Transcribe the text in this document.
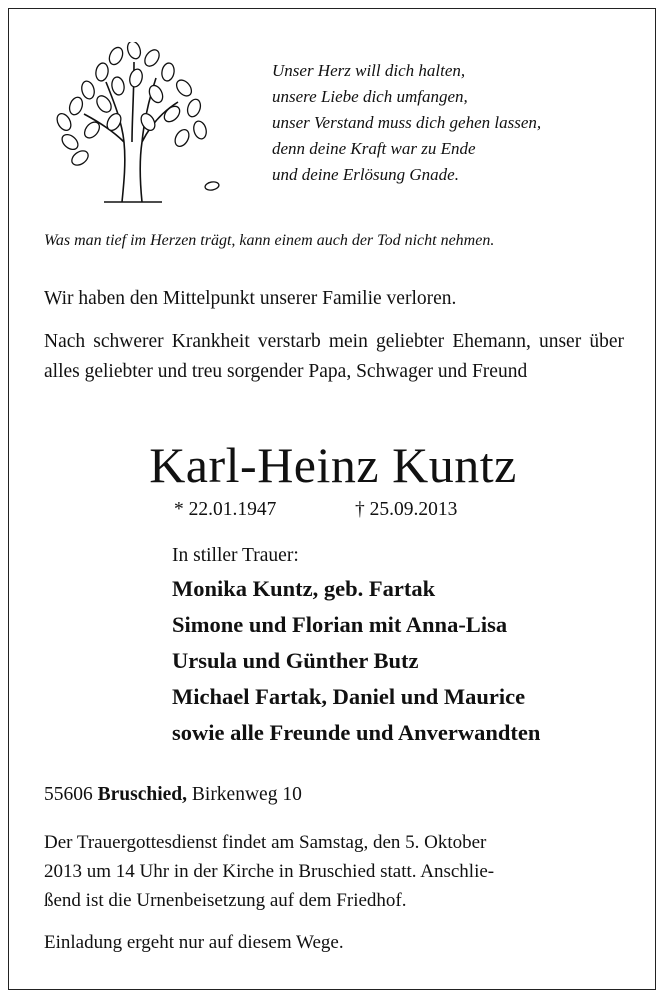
Unser Herz will dich halten,
unsere Liebe dich umfangen,
unser Verstand muss dich gehen lassen,
denn deine Kraft war zu Ende
und deine Erlösung Gnade.
Was man tief im Herzen trägt, kann einem auch der Tod nicht nehmen.
Wir haben den Mittelpunkt unserer Familie verloren.
Nach schwerer Krankheit verstarb mein geliebter Ehemann, unser über alles geliebter und treu sorgender Papa, Schwager und Freund
Karl-Heinz Kuntz
* 22.01.1947	† 25.09.2013
In stiller Trauer:
Monika Kuntz, geb. Fartak
Simone und Florian mit Anna-Lisa
Ursula und Günther Butz
Michael Fartak, Daniel und Maurice
sowie alle Freunde und Anverwandten
55606 Bruschied, Birkenweg 10
Der Trauergottesdienst findet am Samstag, den 5. Oktober
2013 um 14 Uhr in der Kirche in Bruschied statt. Anschlie-
ßend ist die Urnenbeisetzung auf dem Friedhof.
Einladung ergeht nur auf diesem Wege.
